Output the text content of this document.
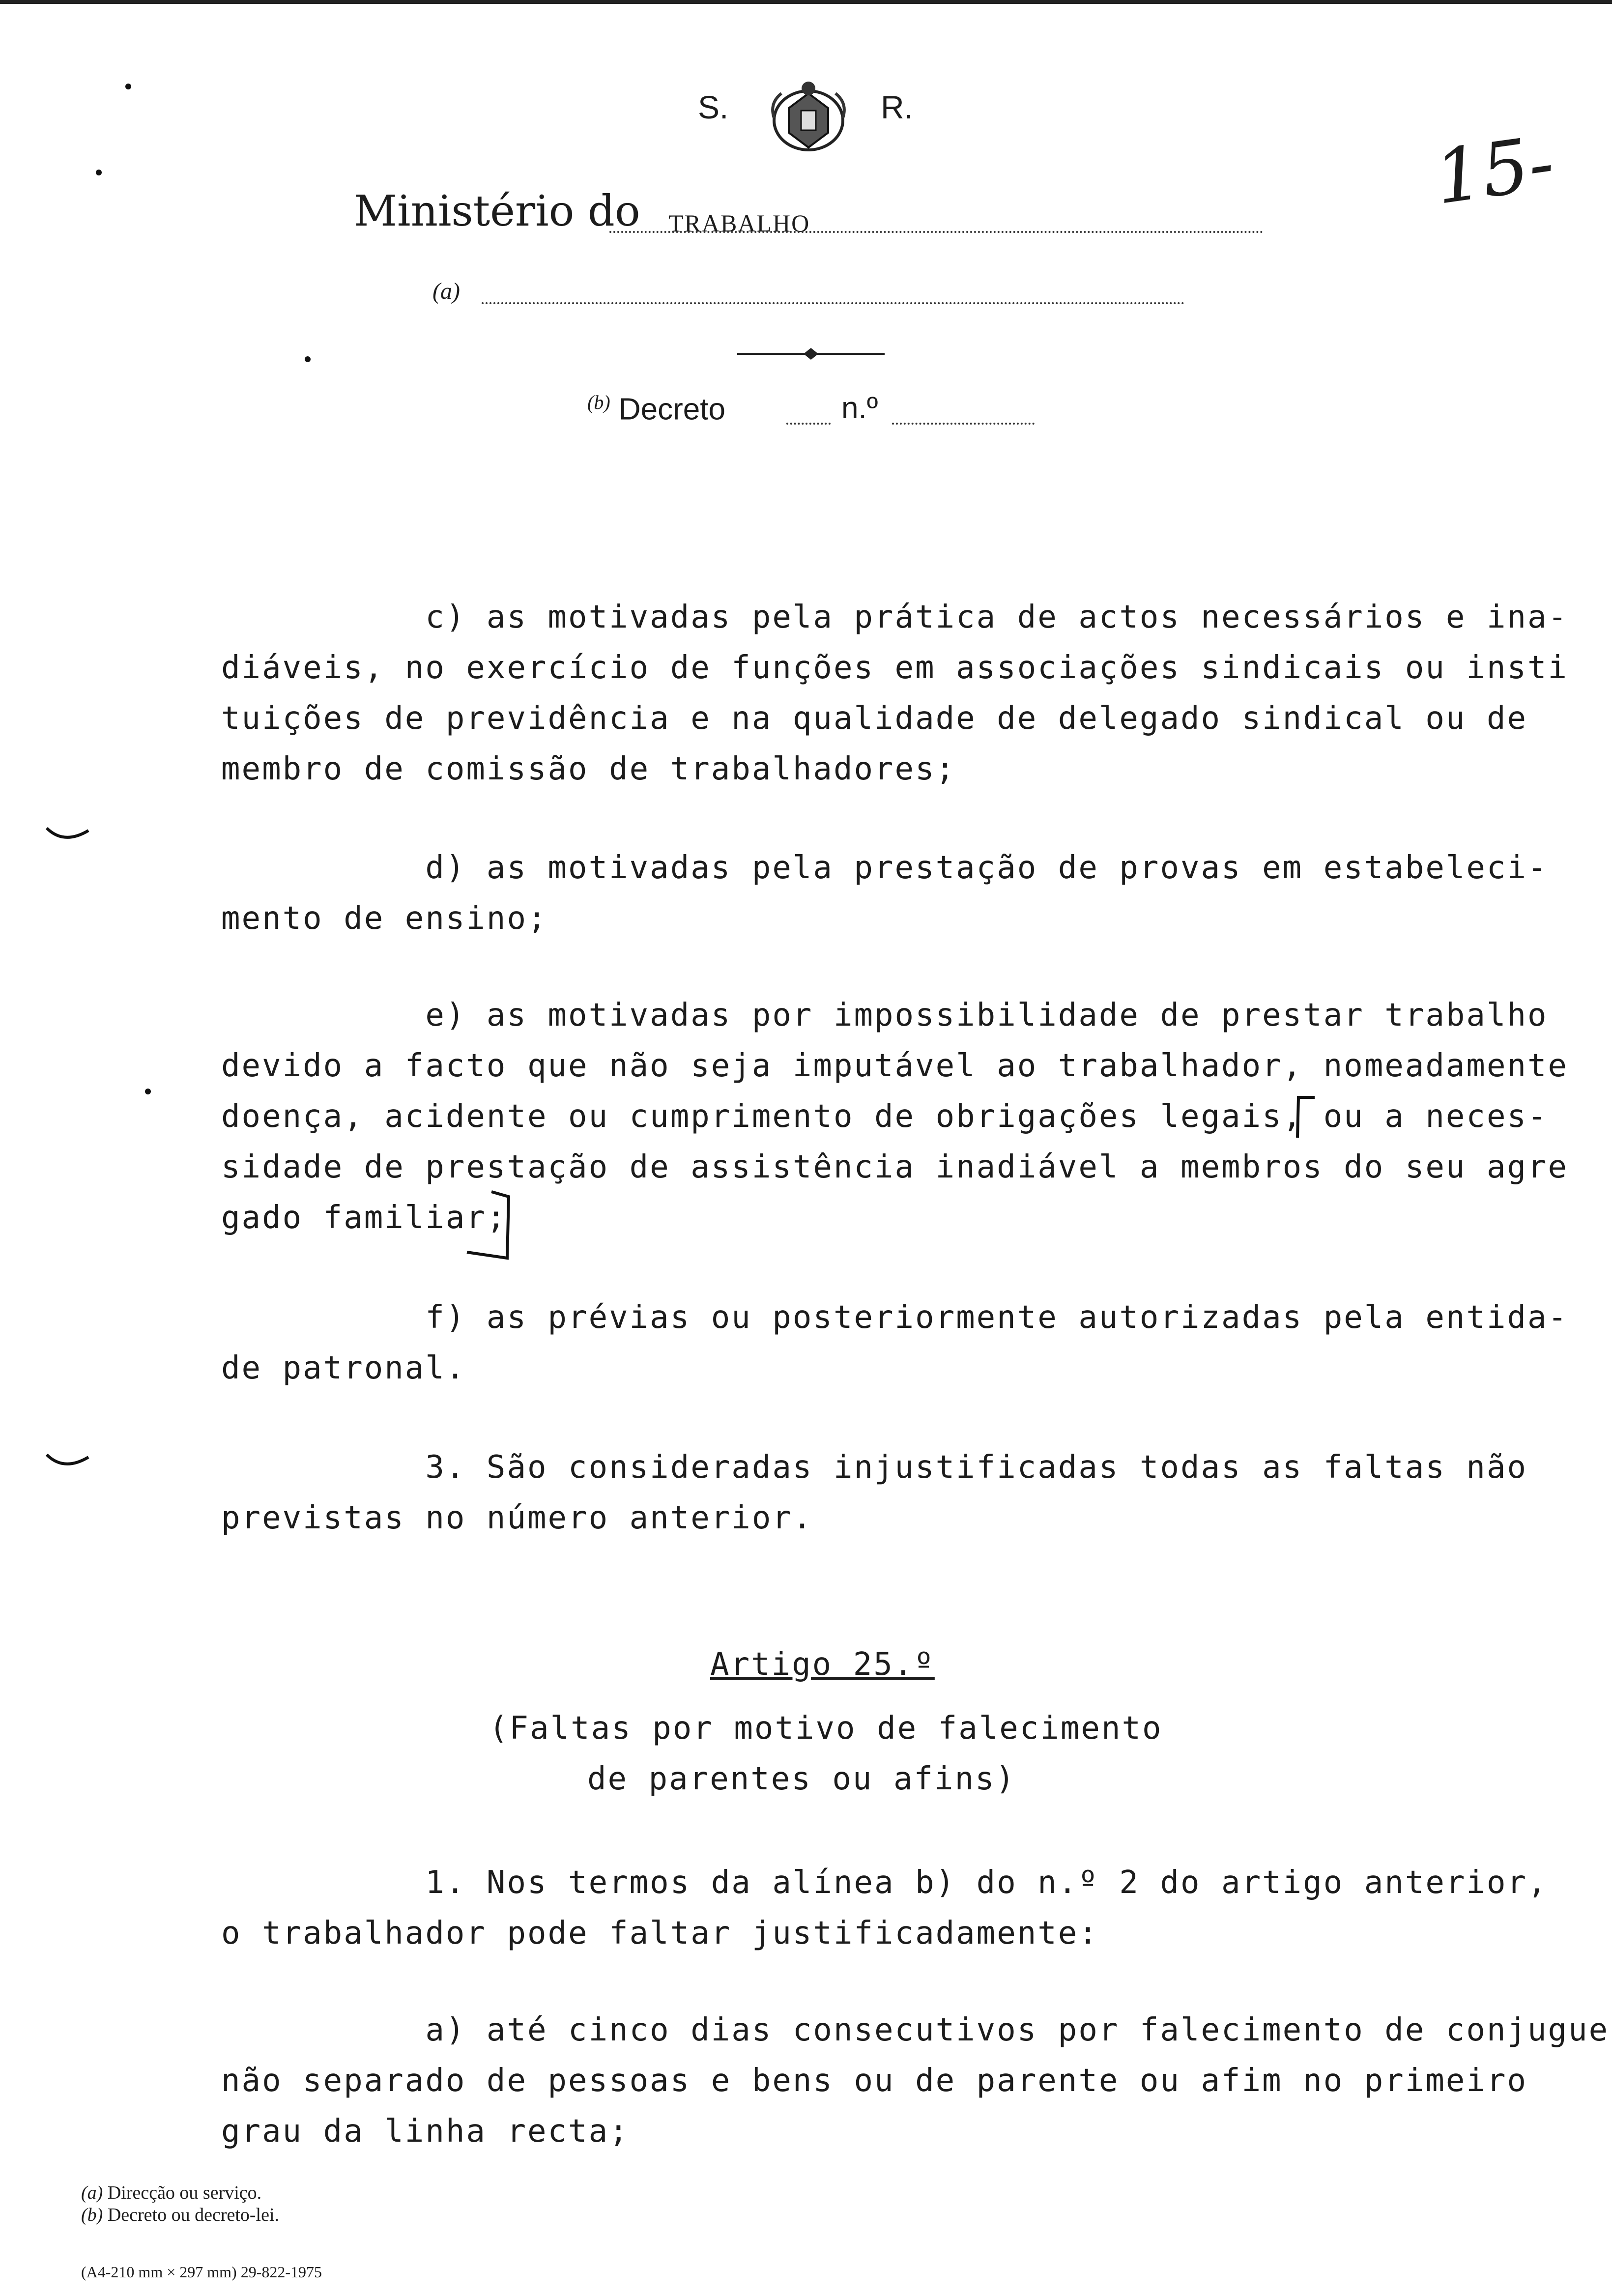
S.	R.
15-
Ministério do TRABALHO
(a)
$^{(b)}$ Decreto	n.º
c) as motivadas pela prática de actos necessários e ina-
diáveis, no exercício de funções em associações sindicais ou insti
tuições de previdência e na qualidade de delegado sindical ou de
membro de comissão de trabalhadores;
d) as motivadas pela prestação de provas em estabeleci-
mento de ensino;
e) as motivadas por impossibilidade de prestar trabalho
devido a facto que não seja imputável ao trabalhador, nomeadamente
doença, acidente ou cumprimento de obrigações legais, ou a neces-
sidade de prestação de assistência inadiável a membros do seu agre
gado familiar;
f) as prévias ou posteriormente autorizadas pela entida-
de patronal.
3. São consideradas injustificadas todas as faltas não
previstas no número anterior.
Artigo 25.º
(Faltas por motivo de falecimento
de parentes ou afins)
1. Nos termos da alínea b) do n.º 2 do artigo anterior,
o trabalhador pode faltar justificadamente:
a) até cinco dias consecutivos por falecimento de conjugue
não separado de pessoas e bens ou de parente ou afim no primeiro
grau da linha recta;
(a) Direcção ou serviço.
(b) Decreto ou decreto-lei.
(A4-210 mm × 297 mm) 29-822-1975
